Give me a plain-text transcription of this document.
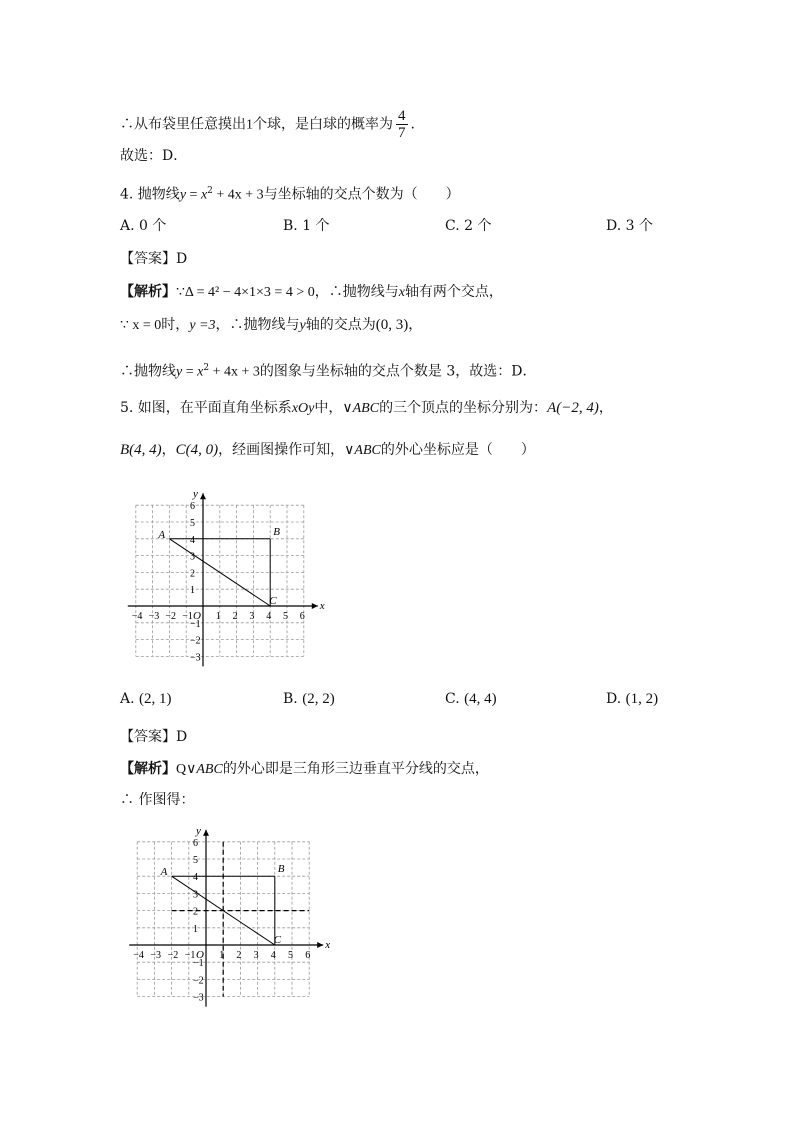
∴从布袋里任意摸出1个球，是白球的概率为 $\frac{4}{7}$ .
故选：D．
4. 抛物线$y = x^2 + 4x + 3$与坐标轴的交点个数为（　　）
A. 0 个	B. 1 个	C. 2 个	D. 3 个
【答案】D
【解析】∵Δ = 4² − 4×1×3 = 4 > 0，∴抛物线与x轴有两个交点，
∵ x = 0时，y =3，∴抛物线与y轴的交点为(0, 3)，
∴抛物线$y = x^2 + 4x + 3$的图象与坐标轴的交点个数是 3，故选：D．
5. 如图，在平面直角坐标系xOy中，∨ABC的三个顶点的坐标分别为：A(−2, 4)，
B(4, 4)，C(4, 0)，经画图操作可知，∨ABC的外心坐标应是（　　）
x
y
O
−4 −3 −2 −1 1 2 3 4 5 6
6
5
4
3
2
1
−1
−2
−3
A	B
C
A. (2, 1)	B. (2, 2)	C. (4, 4)	D. (1, 2)
【答案】D
【解析】Q∨ABC的外心即是三角形三边垂直平分线的交点，
∴ 作图得：
x
y
O
−4 −3 −2 −1 1 2 3 4 5 6
6
5
4
3
2
1
−1
−2
−3
A	B
C
